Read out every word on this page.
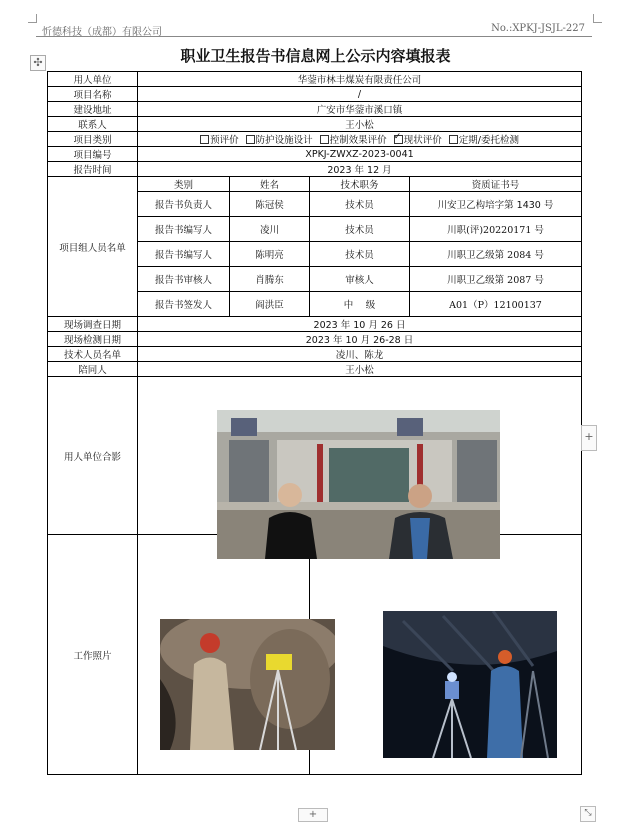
忻德科技（成都）有限公司	No.:XPKJ-JSJL-227
✣	职业卫生报告书信息网上公示内容填报表
用人单位	华蓥市林丰煤炭有限责任公司			
项目名称	/			
建设地址	广安市华蓥市溪口镇			
联系人	王小松			
项目类别	预评价 防护设施设计 控制效果评价 ✓ 现状评价 定期/委托检测
项目编号	XPKJ-ZWXZ-2023-0041			
报告时间	2023 年 12 月			
项目组人员名单	类别	姓名	技术职务	资质证书号
	报告书负责人	陈冠侯	技术员	川安卫乙构培字第 1430 号
	报告书编写人	凌川	技术员	川职(评)20220171 号
	报告书编写人	陈明亮	技术员	川职卫乙级第 2084 号
	报告书审核人	肖腾东	审核人	川职卫乙级第 2087 号
	报告书签发人	阎洪臣	中　 级	A01（P）12100137
现场调查日期	2023 年 10 月 26 日			
现场检测日期	2023 年 10 月 26-28 日			
技术人员名单	凌川、陈龙			
陪同人	王小松			
用人单位合影				
工作照片				
+
+	⤡
